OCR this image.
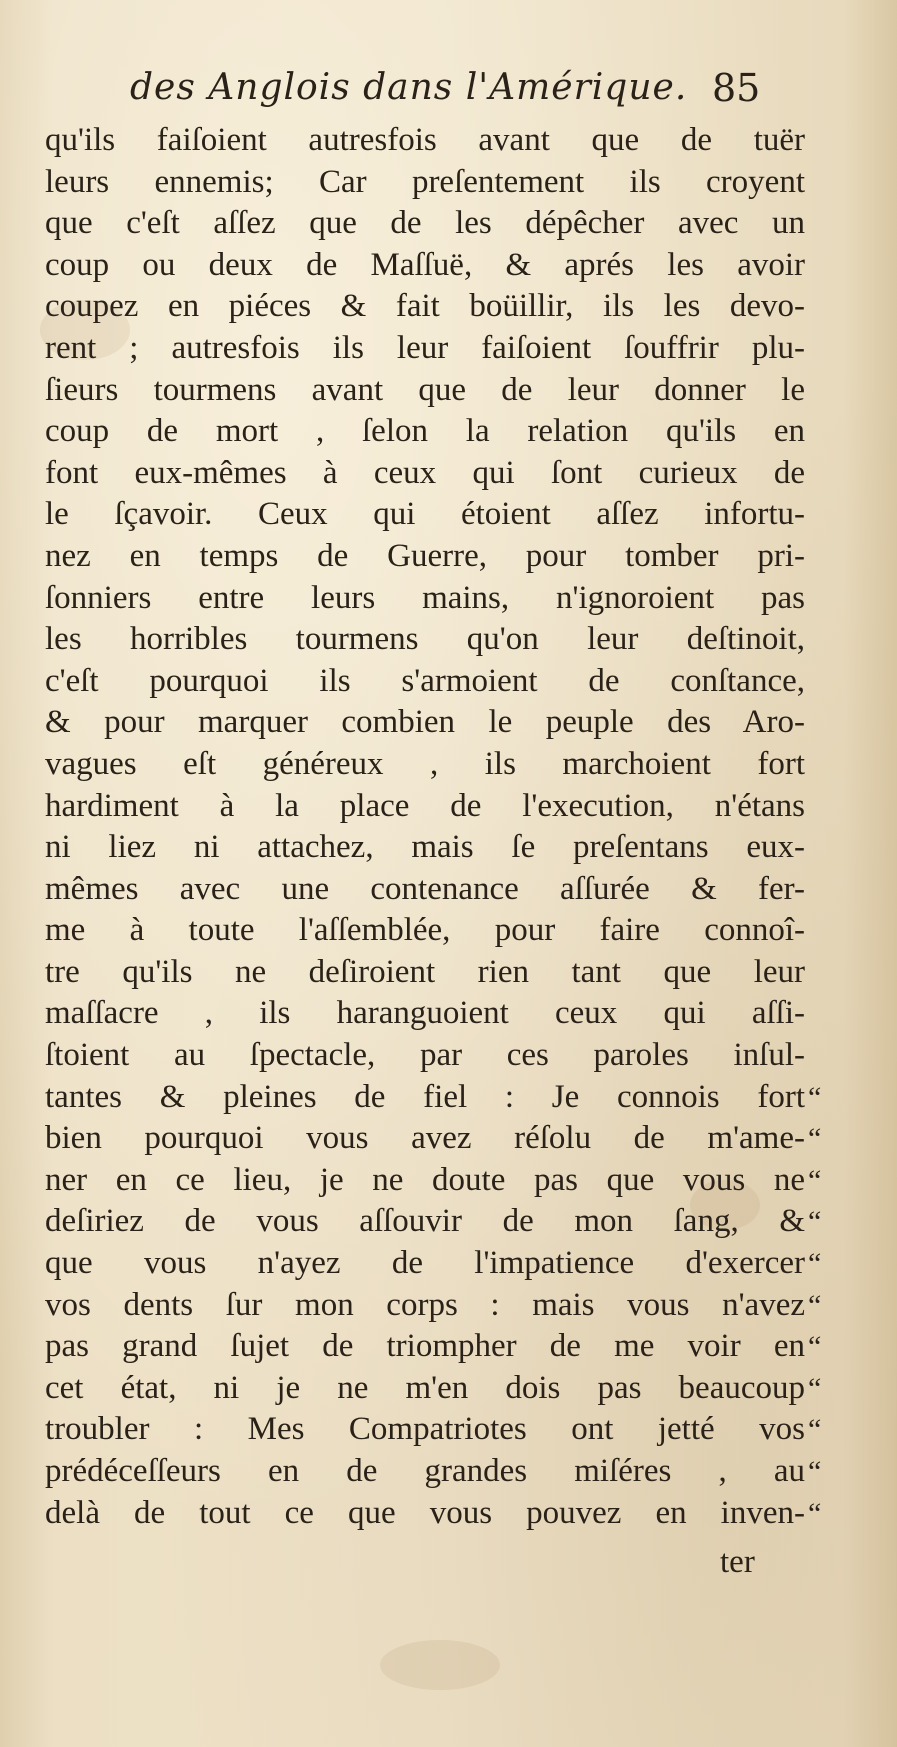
des Anglois dans l'Amérique. 85
qu'ils faiſoient autresfois avant que de tuër
leurs ennemis; Car preſentement ils croyent
que c'eſt aſſez que de les dépêcher avec un
coup ou deux de Maſſuë, & aprés les avoir
coupez en piéces & fait boüillir, ils les devo-
rent ; autresfois ils leur faiſoient ſouffrir plu-
ſieurs tourmens avant que de leur donner le
coup de mort , ſelon la relation qu'ils en
font eux-mêmes à ceux qui ſont curieux de
le ſçavoir. Ceux qui étoient aſſez infortu-
nez en temps de Guerre, pour tomber pri-
ſonniers entre leurs mains, n'ignoroient pas
les horribles tourmens qu'on leur deſtinoit,
c'eſt pourquoi ils s'armoient de conſtance,
& pour marquer combien le peuple des Aro-
vagues eſt généreux , ils marchoient fort
hardiment à la place de l'execution, n'étans
ni liez ni attachez, mais ſe preſentans eux-
mêmes avec une contenance aſſurée & fer-
me à toute l'aſſemblée, pour faire connoî-
tre qu'ils ne deſiroient rien tant que leur
maſſacre , ils haranguoient ceux qui aſſi-
ſtoient au ſpectacle, par ces paroles inſul-
tantes & pleines de fiel : Je connois fort
bien pourquoi vous avez réſolu de m'ame-
ner en ce lieu, je ne doute pas que vous ne
deſiriez de vous aſſouvir de mon ſang, &
que vous n'ayez de l'impatience d'exercer
vos dents ſur mon corps : mais vous n'avez
pas grand ſujet de triompher de me voir en
cet état, ni je ne m'en dois pas beaucoup
troubler : Mes Compatriotes ont jetté vos
prédéceſſeurs en de grandes miſéres , au
delà de tout ce que vous pouvez en inven-
“
“
“
“
“
“
“
“
“
“
“
ter
